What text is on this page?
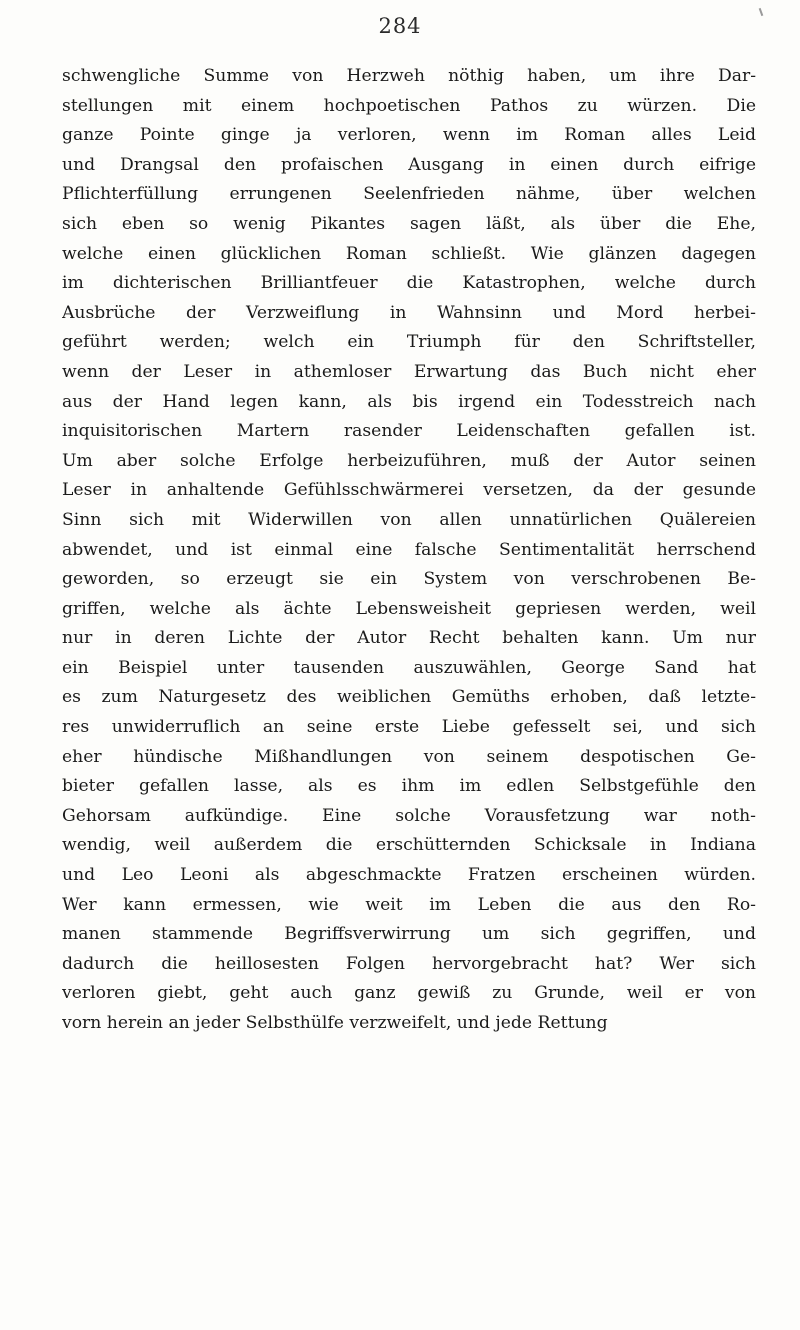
284
schwengliche Summe von Herzweh nöthig haben, um ihre Dar-
stellungen mit einem hochpoetischen Pathos zu würzen. Die
ganze Pointe ginge ja verloren, wenn im Roman alles Leid
und Drangsal den profaischen Ausgang in einen durch eifrige
Pflichterfüllung errungenen Seelenfrieden nähme, über welchen
sich eben so wenig Pikantes sagen läßt, als über die Ehe,
welche einen glücklichen Roman schließt. Wie glänzen dagegen
im dichterischen Brilliantfeuer die Katastrophen, welche durch
Ausbrüche der Verzweiflung in Wahnsinn und Mord herbei-
geführt werden; welch ein Triumph für den Schriftsteller,
wenn der Leser in athemloser Erwartung das Buch nicht eher
aus der Hand legen kann, als bis irgend ein Todesstreich nach
inquisitorischen Martern rasender Leidenschaften gefallen ist.
Um aber solche Erfolge herbeizuführen, muß der Autor seinen
Leser in anhaltende Gefühlsschwärmerei versetzen, da der gesunde
Sinn sich mit Widerwillen von allen unnatürlichen Quälereien
abwendet, und ist einmal eine falsche Sentimentalität herrschend
geworden, so erzeugt sie ein System von verschrobenen Be-
griffen, welche als ächte Lebensweisheit gepriesen werden, weil
nur in deren Lichte der Autor Recht behalten kann. Um nur
ein Beispiel unter tausenden auszuwählen, George Sand hat
es zum Naturgesetz des weiblichen Gemüths erhoben, daß letzte-
res unwiderruflich an seine erste Liebe gefesselt sei, und sich
eher hündische Mißhandlungen von seinem despotischen Ge-
bieter gefallen lasse, als es ihm im edlen Selbstgefühle den
Gehorsam aufkündige. Eine solche Vorausfetzung war noth-
wendig, weil außerdem die erschütternden Schicksale in Indiana
und Leo Leoni als abgeschmackte Fratzen erscheinen würden.
Wer kann ermessen, wie weit im Leben die aus den Ro-
manen stammende Begriffsverwirrung um sich gegriffen, und
dadurch die heillosesten Folgen hervorgebracht hat? Wer sich
verloren giebt, geht auch ganz gewiß zu Grunde, weil er von
vorn herein an jeder Selbsthülfe verzweifelt, und jede Rettung
